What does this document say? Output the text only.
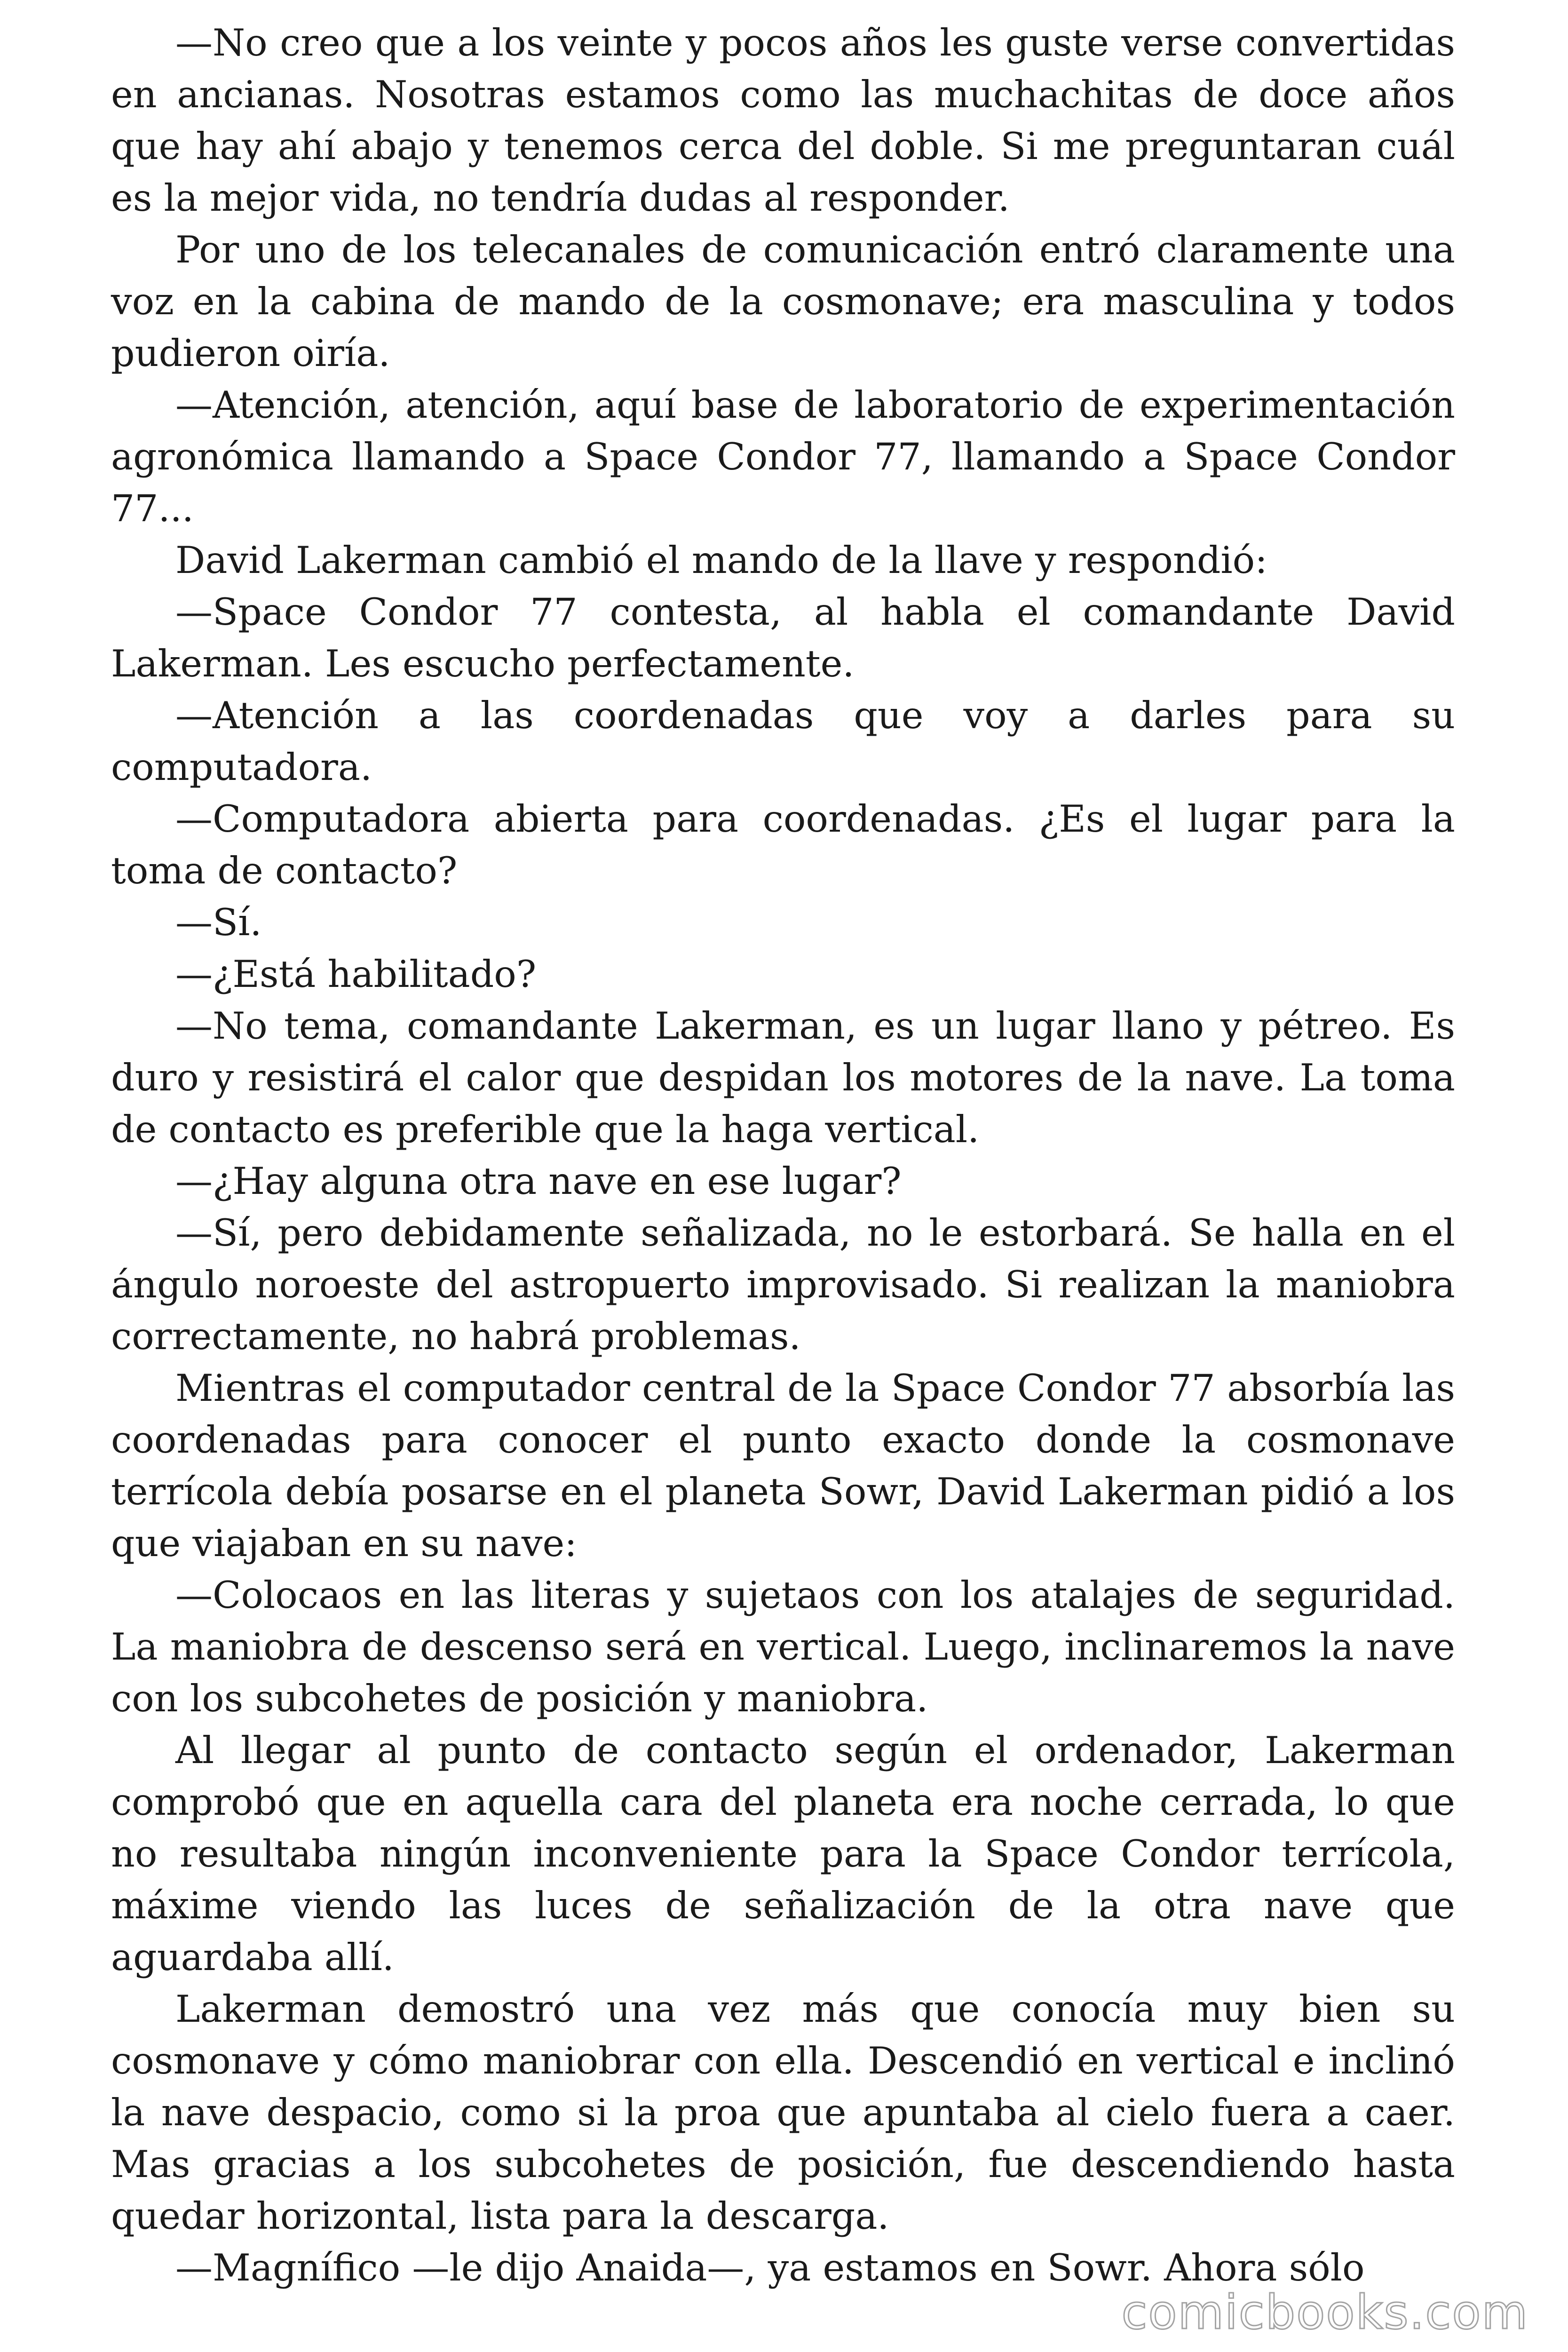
—No creo que a los veinte y pocos años les guste verse convertidas en ancianas. Nosotras estamos como las muchachitas de doce años que hay ahí abajo y tenemos cerca del doble. Si me preguntaran cuál es la mejor vida, no tendría dudas al responder.

Por uno de los telecanales de comunicación entró claramente una voz en la cabina de mando de la cosmonave; era masculina y todos pudieron oiría.

—Atención, atención, aquí base de laboratorio de experimentación agronómica llamando a Space Condor 77, llamando a Space Condor 77...

David Lakerman cambió el mando de la llave y respondió:

—Space Condor 77 contesta, al habla el comandante David Lakerman. Les escucho perfectamente.

—Atención a las coordenadas que voy a darles para su computadora.

—Computadora abierta para coordenadas. ¿Es el lugar para la toma de contacto?

—Sí.

—¿Está habilitado?

—No tema, comandante Lakerman, es un lugar llano y pétreo. Es duro y resistirá el calor que despidan los motores de la nave. La toma de contacto es preferible que la haga vertical.

—¿Hay alguna otra nave en ese lugar?

—Sí, pero debidamente señalizada, no le estorbará. Se halla en el ángulo noroeste del astropuerto improvisado. Si realizan la maniobra correctamente, no habrá problemas.

Mientras el computador central de la Space Condor 77 absorbía las coordenadas para conocer el punto exacto donde la cosmonave terrícola debía posarse en el planeta Sowr, David Lakerman pidió a los que viajaban en su nave:

—Colocaos en las literas y sujetaos con los atalajes de seguridad. La maniobra de descenso será en vertical. Luego, inclinaremos la nave con los subcohetes de posición y maniobra.

Al llegar al punto de contacto según el ordenador, Lakerman comprobó que en aquella cara del planeta era noche cerrada, lo que no resultaba ningún inconveniente para la Space Condor terrícola, máxime viendo las luces de señalización de la otra nave que aguardaba allí.

Lakerman demostró una vez más que conocía muy bien su cosmonave y cómo maniobrar con ella. Descendió en vertical e inclinó la nave despacio, como si la proa que apuntaba al cielo fuera a caer. Mas gracias a los subcohetes de posición, fue descendiendo hasta quedar horizontal, lista para la descarga.

—Magnífico —le dijo Anaida—, ya estamos en Sowr. Ahora sólo

comicbooks.com
